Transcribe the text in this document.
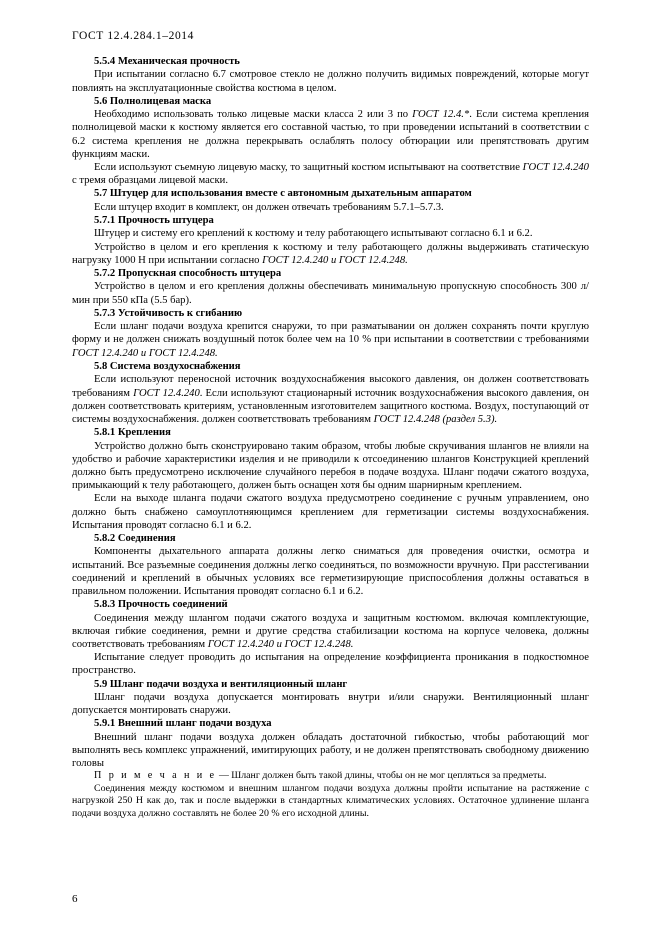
ГОСТ 12.4.284.1–2014
5.5.4 Механическая прочность

При испытании согласно 6.7 смотровое стекло не должно получить видимых повреждений, которые могут повлиять на эксплуатационные свойства костюма в целом.

5.6 Полнолицевая маска

Необходимо использовать только лицевые маски класса 2 или 3 по ГОСТ 12.4.*. Если система крепления полнолицевой маски к костюму является его составной частью, то при проведении испытаний в соответствии с 6.2 система крепления не должна перекрывать ослаблять полосу обтюрации или препятствовать другим функциям маски.

Если используют съемную лицевую маску, то защитный костюм испытывают на соответствие ГОСТ 12.4.240 с тремя образцами лицевой маски.

5.7 Штуцер для использования вместе с автономным дыхательным аппаратом

Если штуцер входит в комплект, он должен отвечать требованиям 5.7.1–5.7.3.

5.7.1 Прочность штуцера

Штуцер и систему его креплений к костюму и телу работающего испытывают согласно 6.1 и 6.2.

Устройство в целом и его крепления к костюму и телу работающего должны выдерживать статическую нагрузку 1000 Н при испытании согласно ГОСТ 12.4.240 и ГОСТ 12.4.248.

5.7.2 Пропускная способность штуцера

Устройство в целом и его крепления должны обеспечивать минимальную пропускную способность 300 л/мин при 550 кПа (5.5 бар).

5.7.3 Устойчивость к сгибанию

Если шланг подачи воздуха крепится снаружи, то при разматывании он должен сохранять почти круглую форму и не должен снижать воздушный поток более чем на 10 % при испытании в соответствии с требованиями ГОСТ 12.4.240 и ГОСТ 12.4.248.

5.8 Система воздухоснабжения

Если используют переносной источник воздухоснабжения высокого давления, он должен соответствовать требованиям ГОСТ 12.4.240. Если используют стационарный источник воздухоснабжения высокого давления, он должен соответствовать критериям, установленным изготовителем защитного костюма. Воздух, поступающий от системы воздухоснабжения. должен соответствовать требованиям ГОСТ 12.4.248 (раздел 5.3).

5.8.1 Крепления

Устройство должно быть сконструировано таким образом, чтобы любые скручивания шлангов не влияли на удобство и рабочие характеристики изделия и не приводили к отсоединению шлангов Конструкцией креплений должно быть предусмотрено исключение случайного перебоя в подаче воздуха. Шланг подачи сжатого воздуха, примыкающий к телу работающего, должен быть оснащен хотя бы одним шарнирным креплением.

Если на выходе шланга подачи сжатого воздуха предусмотрено соединение с ручным управлением, оно должно быть снабжено самоуплотняющимся креплением для герметизации системы воздухоснабжения. Испытания проводят согласно 6.1 и 6.2.

5.8.2 Соединения

Компоненты дыхательного аппарата должны легко сниматься для проведения очистки, осмотра и испытаний. Все разъемные соединения должны легко соединяться, по возможности вручную. При расстегивании соединений и креплений в обычных условиях все герметизирующие приспособления должны оставаться в правильном положении. Испытания проводят согласно 6.1 и 6.2.

5.8.3 Прочность соединений

Соединения между шлангом подачи сжатого воздуха и защитным костюмом. включая комплектующие, включая гибкие соединения, ремни и другие средства стабилизации костюма на корпусе человека, должны соответствовать требованиям ГОСТ 12.4.240 и ГОСТ 12.4.248.

Испытание следует проводить до испытания на определение коэффициента проникания в подкостюмное пространство.

5.9 Шланг подачи воздуха и вентиляционный шланг

Шланг подачи воздуха допускается монтировать внутри и/или снаружи. Вентиляционный шланг допускается монтировать снаружи.

5.9.1 Внешний шланг подачи воздуха

Внешний шланг подачи воздуха должен обладать достаточной гибкостью, чтобы работающий мог выполнять весь комплекс упражнений, имитирующих работу, и не должен препятствовать свободному движению головы

П р и м е ч а н и е — Шланг должен быть такой длины, чтобы он не мог цепляться за предметы.

Соединения между костюмом и внешним шлангом подачи воздуха должны пройти испытание на растяжение с нагрузкой 250 Н как до, так и после выдержки в стандартных климатических условиях. Остаточное удлинение шланга подачи воздуха должно составлять не более 20 % его исходной длины.

6
